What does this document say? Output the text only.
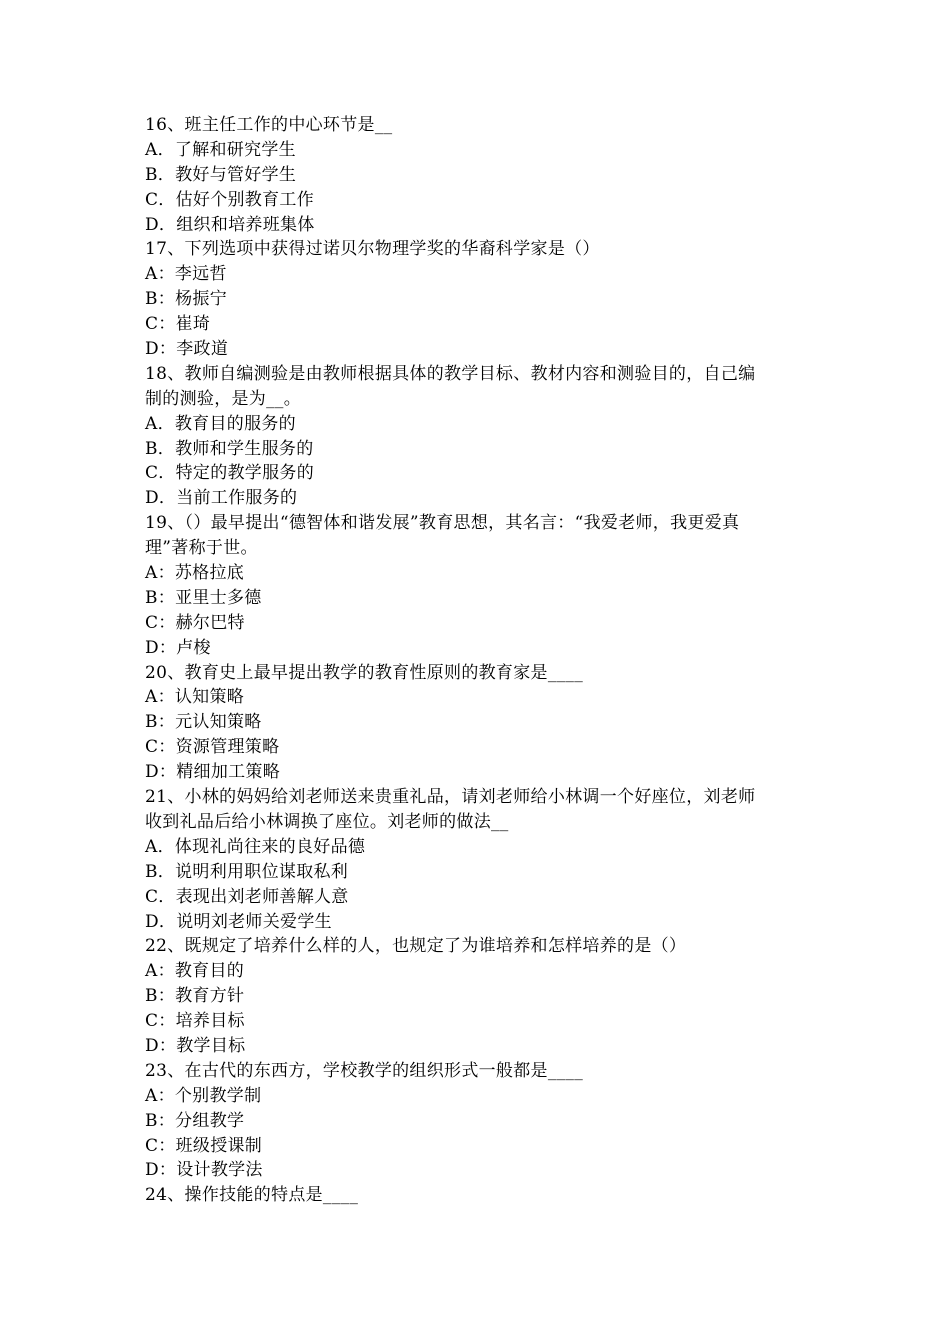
16、班主任工作的中心环节是__
A．了解和研究学生
B．教好与管好学生
C．估好个别教育工作
D．组织和培养班集体
17、下列选项中获得过诺贝尔物理学奖的华裔科学家是（）
A：李远哲
B：杨振宁
C：崔琦
D：李政道
18、教师自编测验是由教师根据具体的教学目标、教材内容和测验目的，自己编
制的测验，是为__。
A．教育目的服务的
B．教师和学生服务的
C．特定的教学服务的
D．当前工作服务的
19、（）最早提出“德智体和谐发展”教育思想，其名言：“我爱老师，我更爱真
理”著称于世。
A：苏格拉底
B：亚里士多德
C：赫尔巴特
D：卢梭
20、教育史上最早提出教学的教育性原则的教育家是____
A：认知策略
B：元认知策略
C：资源管理策略
D：精细加工策略
21、小林的妈妈给刘老师送来贵重礼品，请刘老师给小林调一个好座位，刘老师
收到礼品后给小林调换了座位。刘老师的做法__
A．体现礼尚往来的良好品德
B．说明利用职位谋取私利
C．表现出刘老师善解人意
D．说明刘老师关爱学生
22、既规定了培养什么样的人，也规定了为谁培养和怎样培养的是（）
A：教育目的
B：教育方针
C：培养目标
D：教学目标
23、在古代的东西方，学校教学的组织形式一般都是____
A：个别教学制
B：分组教学
C：班级授课制
D：设计教学法
24、操作技能的特点是____
